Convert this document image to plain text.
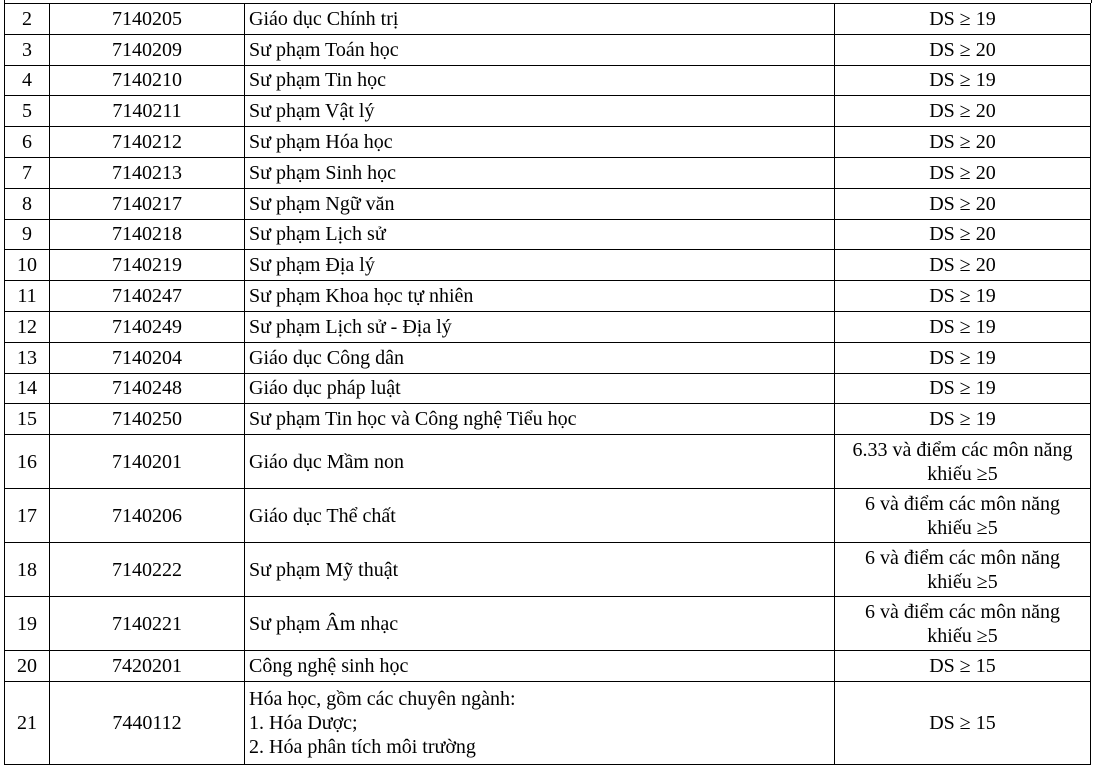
2	7140205	Giáo dục Chính trị	DS ≥ 19

3	7140209	Sư phạm Toán học	DS ≥ 20

4	7140210	Sư phạm Tin học	DS ≥ 19

5	7140211	Sư phạm Vật lý	DS ≥ 20

6	7140212	Sư phạm Hóa học	DS ≥ 20

7	7140213	Sư phạm Sinh học	DS ≥ 20

8	7140217	Sư phạm Ngữ văn	DS ≥ 20

9	7140218	Sư phạm Lịch sử	DS ≥ 20

10	7140219	Sư phạm Địa lý	DS ≥ 20

11	7140247	Sư phạm Khoa học tự nhiên	DS ≥ 19

12	7140249	Sư phạm Lịch sử - Địa lý	DS ≥ 19

13	7140204	Giáo dục Công dân	DS ≥ 19

14	7140248	Giáo dục pháp luật	DS ≥ 19

15	7140250	Sư phạm Tin học và Công nghệ Tiểu học	DS ≥ 19

16	7140201	Giáo dục Mầm non	6.33 và điểm các môn năng
khiếu ≥5

17	7140206	Giáo dục Thể chất	6 và điểm các môn năng
khiếu ≥5

18	7140222	Sư phạm Mỹ thuật	6 và điểm các môn năng
khiếu ≥5

19	7140221	Sư phạm Âm nhạc	6 và điểm các môn năng
khiếu ≥5

20	7420201	Công nghệ sinh học	DS ≥ 15

21	7440112	Hóa học, gồm các chuyên ngành:
1. Hóa Dược;
2. Hóa phân tích môi trường	DS ≥ 15
